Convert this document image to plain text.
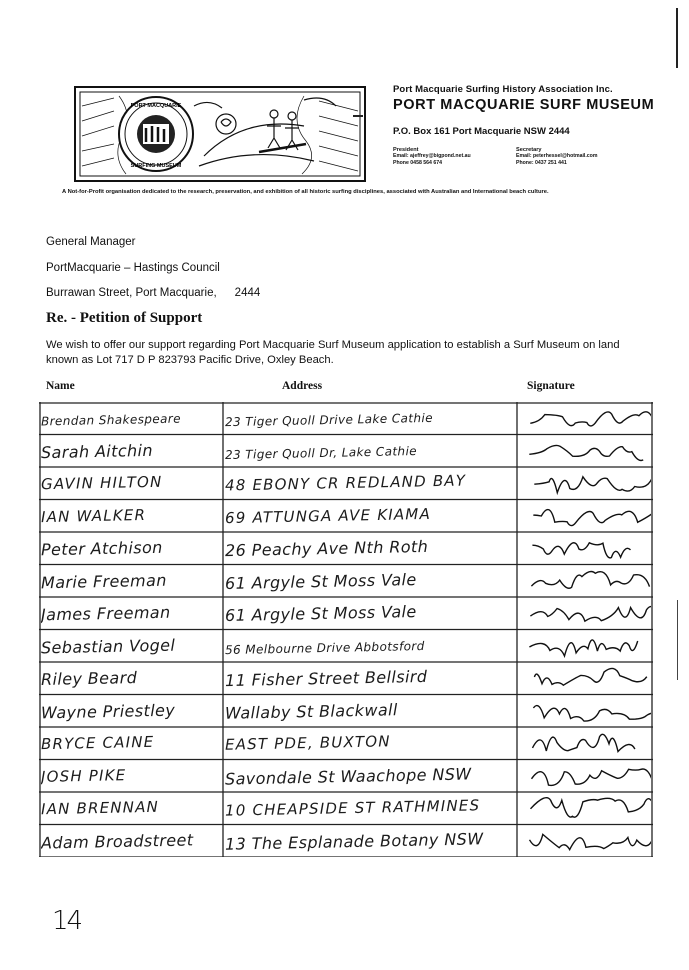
PORT MACQUARIE
SURFING MUSEUM
Port Macquarie Surfing History Association Inc.
PORT MACQUARIE SURF MUSEUM
P.O. Box 161 Port Macquarie NSW 2444
President
Email: ajeffrey@bigpond.net.au
Phone 0458 564 674
Secretary
Email: peterhessel@hotmail.com
Phone: 0437 251 441
A Not-for-Profit organisation dedicated to the research, preservation, and exhibition of all historic surfing disciplines, associated with Australian and International beach culture.
General Manager
PortMacquarie – Hastings Council
Burrawan Street, Port Macquarie, 2444
Re. - Petition of Support
We wish to offer our support regarding Port Macquarie Surf Museum application to establish a Surf Museum on land known as Lot 717 D P 823793 Pacific Drive, Oxley Beach.
Name	Address	Signature
Brendan Shakespeare	23 Tiger Quoll Drive Lake Cathie
Sarah Aitchin	23 Tiger Quoll Dr, Lake Cathie
GAVIN HILTON	48 EBONY CR REDLAND BAY
IAN WALKER	69 ATTUNGA AVE KIAMA
Peter Atchison	26 Peachy Ave Nth Roth
Marie Freeman	61 Argyle St Moss Vale
James Freeman	61 Argyle St Moss Vale
Sebastian Vogel	56 Melbourne Drive Abbotsford
Riley Beard	11 Fisher Street Bellsird
Wayne Priestley	Wallaby St Blackwall
BRYCE CAINE	EAST PDE, BUXTON
JOSH PIKE	Savondale St Waachope NSW
IAN BRENNAN	10 CHEAPSIDE ST RATHMINES
Adam Broadstreet	13 The Esplanade Botany NSW
14
